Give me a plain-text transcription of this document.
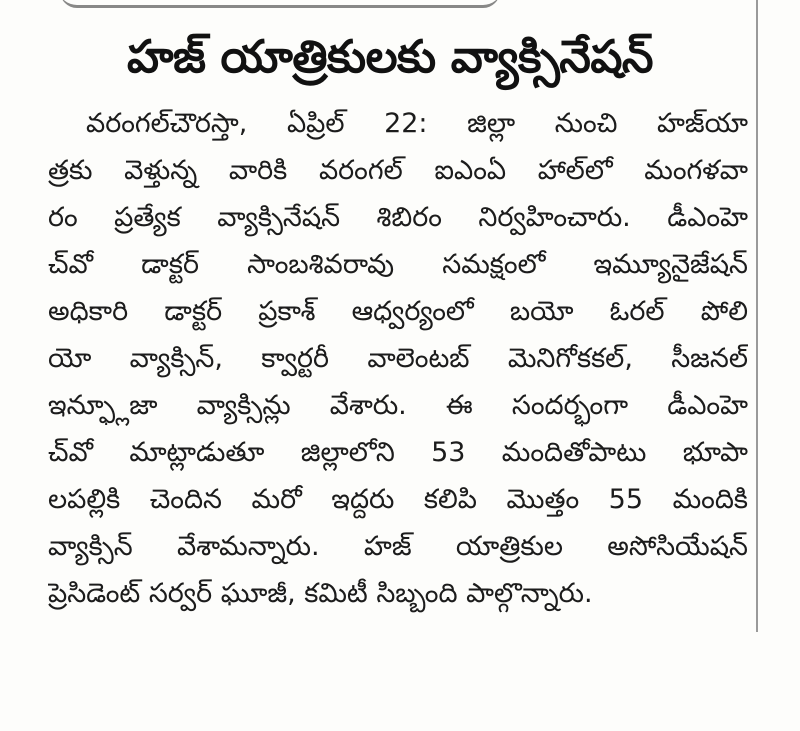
హజ్ యాత్రికులకు వ్యాక్సినేషన్
వరంగల్‌చౌరస్తా, ఏప్రిల్ 22: జిల్లా నుంచి హజ్‌యా
త్రకు వెళ్తున్న వారికి వరంగల్ ఐఎంఏ హాల్‌లో మంగళవా
రం ప్రత్యేక వ్యాక్సినేషన్ శిబిరం నిర్వహించారు. డీఎంహె
చ్‌వో డాక్టర్ సాంబశివరావు సమక్షంలో ఇమ్యూనైజేషన్
అధికారి డాక్టర్ ప్రకాశ్ ఆధ్వర్యంలో బయో ఓరల్ పోలి
యో వ్యాక్సిన్, క్వార్టరీ వాలెంటబ్ మెనిగోకకల్, సీజనల్
ఇన్ఫ్లూజా వ్యాక్సిన్లు వేశారు. ఈ సందర్భంగా డీఎంహె
చ్‌వో మాట్లాడుతూ జిల్లాలోని 53 మందితోపాటు భూపా
లపల్లికి చెందిన మరో ఇద్దరు కలిపి మొత్తం 55 మందికి
వ్యాక్సిన్ వేశామన్నారు. హజ్ యాత్రికుల అసోసియేషన్
ప్రెసిడెంట్ సర్వర్ ఘూజీ, కమిటీ సిబ్బంది పాల్గొన్నారు.
